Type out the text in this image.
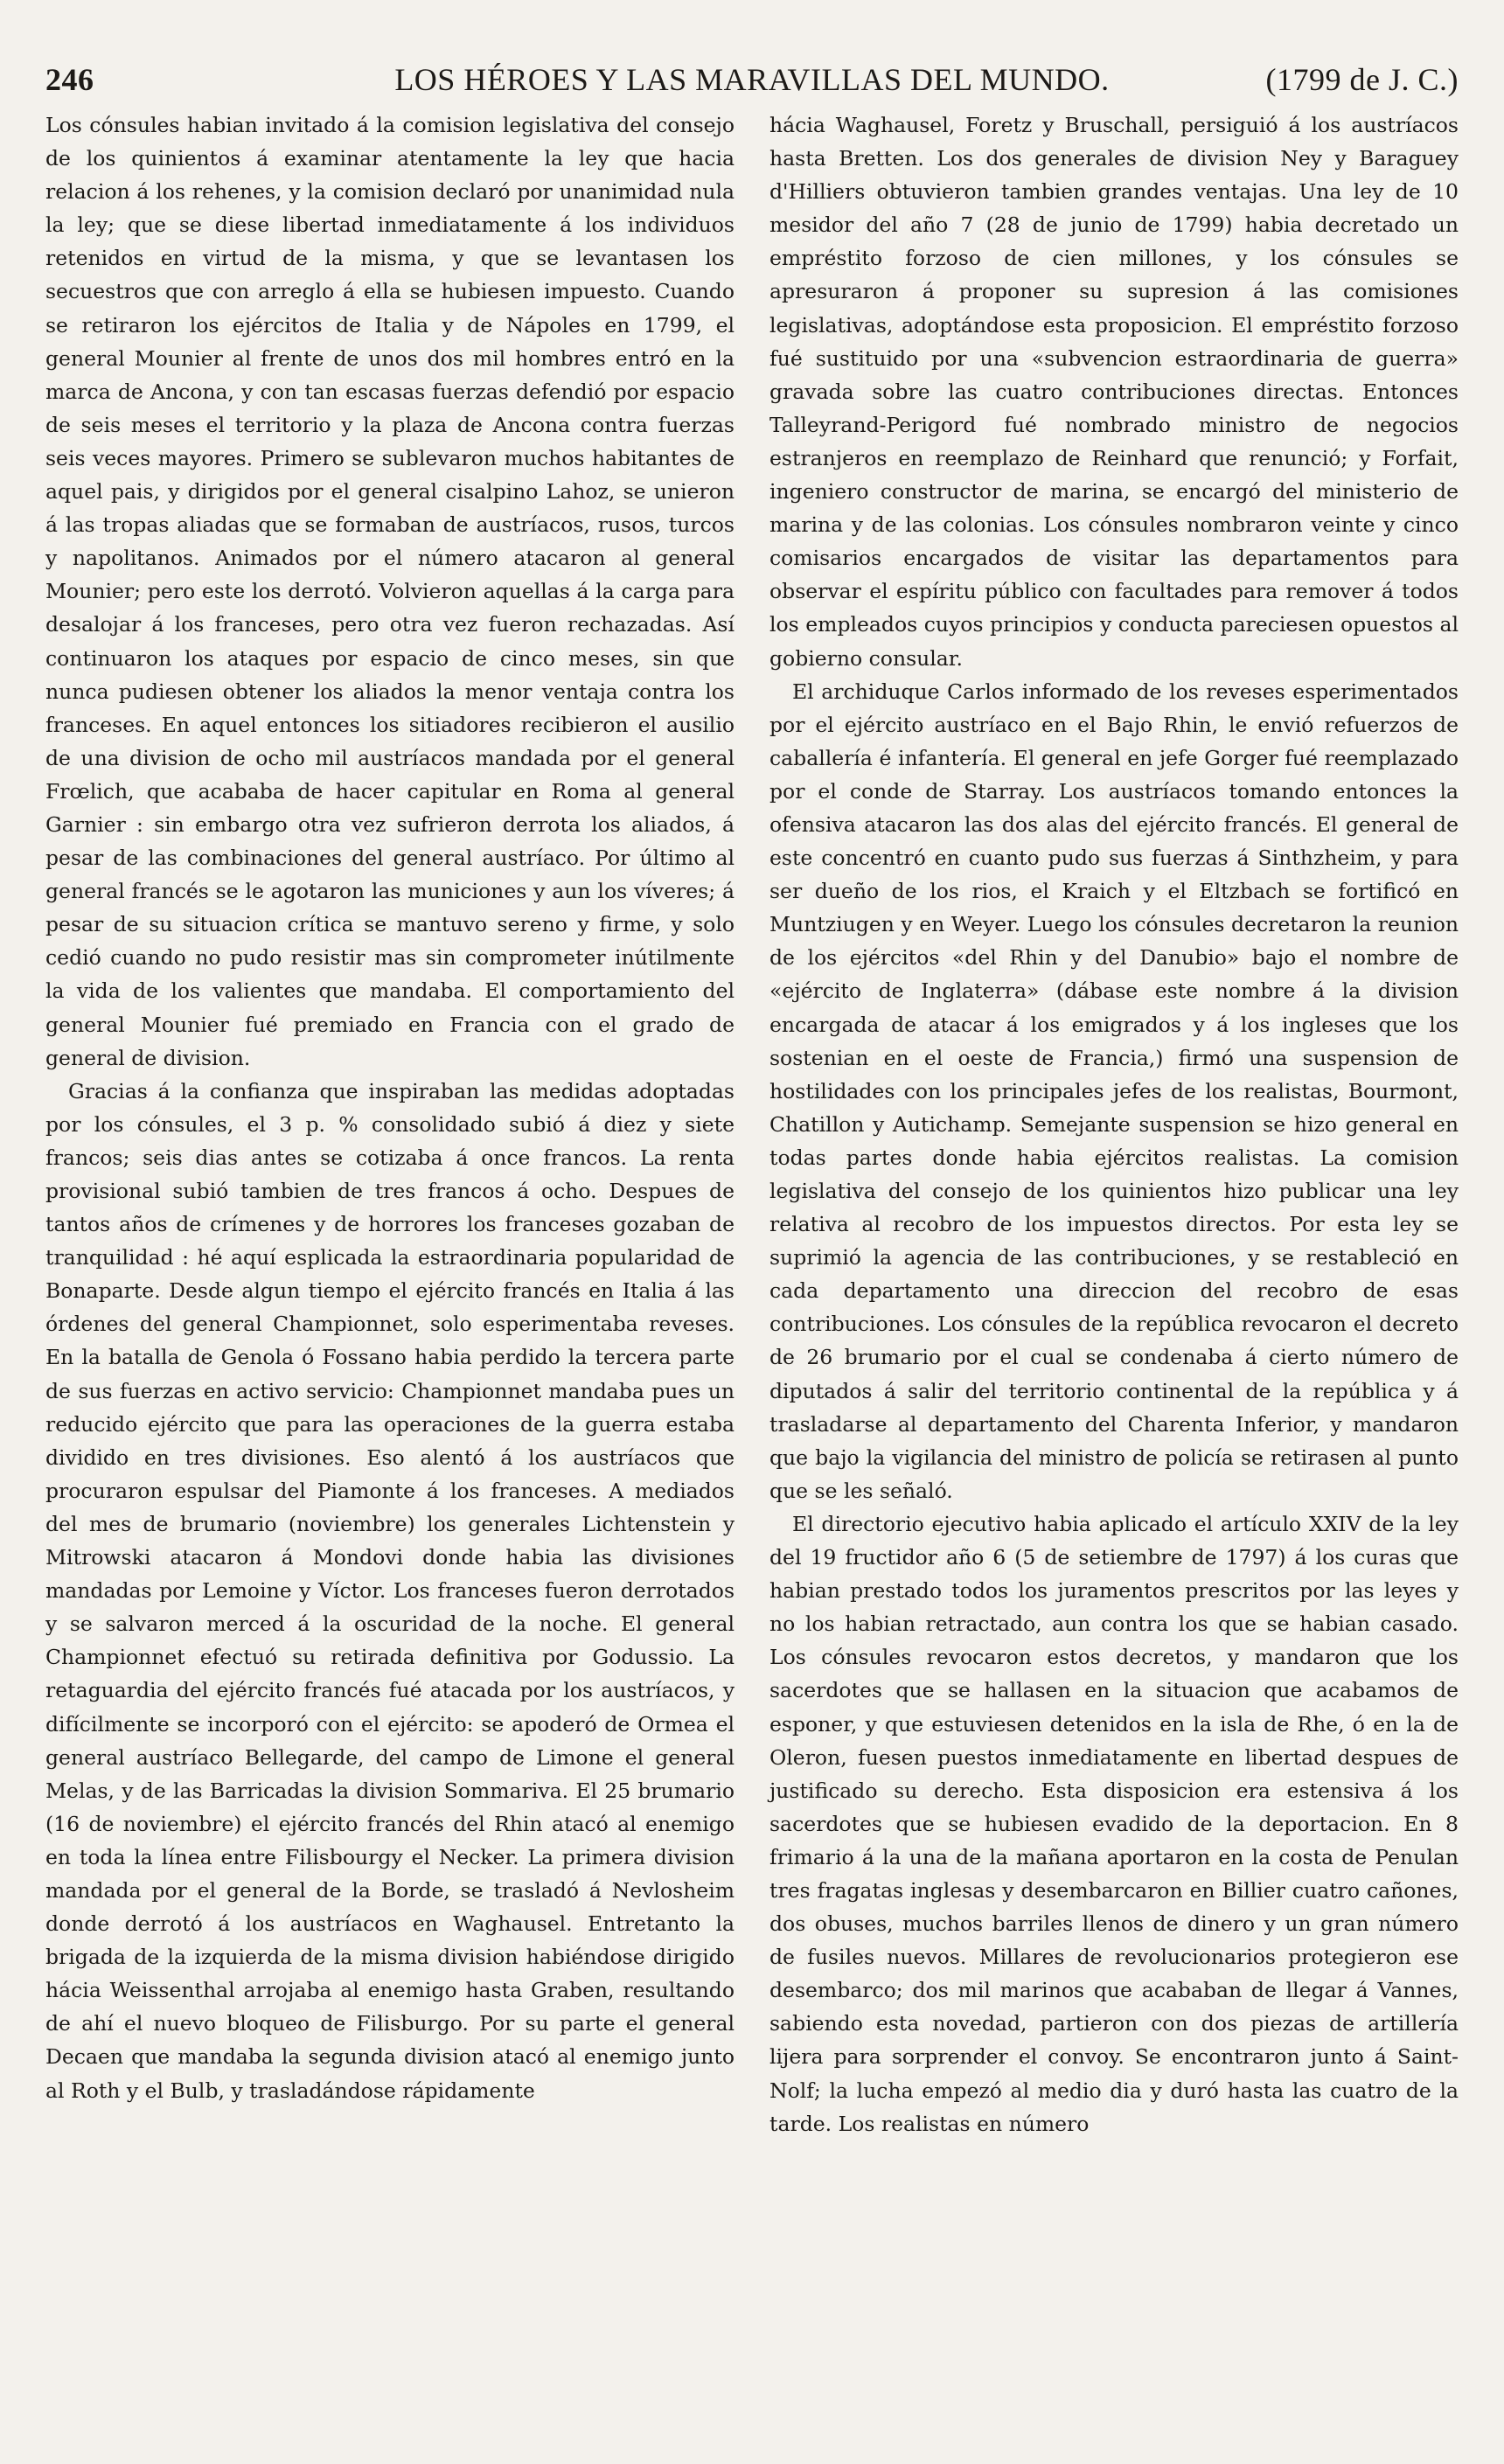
246	LOS HÉROES Y LAS MARAVILLAS DEL MUNDO.	(1799 de J. C.)

Los cónsules habian invitado á la comision legislativa del consejo de los quinientos á examinar atentamente la ley que hacia relacion á los rehenes, y la comision declaró por unanimidad nula la ley; que se diese libertad inmediatamente á los individuos retenidos en virtud de la misma, y que se levantasen los secuestros que con arreglo á ella se hubiesen impuesto. Cuando se retiraron los ejércitos de Italia y de Nápoles en 1799, el general Mounier al frente de unos dos mil hombres entró en la marca de Ancona, y con tan escasas fuerzas defendió por espacio de seis meses el territorio y la plaza de Ancona contra fuerzas seis veces mayores. Primero se sublevaron muchos habitantes de aquel pais, y dirigidos por el general cisalpino Lahoz, se unieron á las tropas aliadas que se formaban de austríacos, rusos, turcos y napolitanos. Animados por el número atacaron al general Mounier; pero este los derrotó. Volvieron aquellas á la carga para desalojar á los franceses, pero otra vez fueron rechazadas. Así continuaron los ataques por espacio de cinco meses, sin que nunca pudiesen obtener los aliados la menor ventaja contra los franceses. En aquel entonces los sitiadores recibieron el ausilio de una division de ocho mil austríacos mandada por el general Frœlich, que acababa de hacer capitular en Roma al general Garnier : sin embargo otra vez sufrieron derrota los aliados, á pesar de las combinaciones del general austríaco. Por último al general francés se le agotaron las municiones y aun los víveres; á pesar de su situacion crítica se mantuvo sereno y firme, y solo cedió cuando no pudo resistir mas sin comprometer inútilmente la vida de los valientes que mandaba. El comportamiento del general Mounier fué premiado en Francia con el grado de general de division.

Gracias á la confianza que inspiraban las medidas adoptadas por los cónsules, el 3 p. % consolidado subió á diez y siete francos; seis dias antes se cotizaba á once francos. La renta provisional subió tambien de tres francos á ocho. Despues de tantos años de crímenes y de horrores los franceses gozaban de tranquilidad : hé aquí esplicada la estraordinaria popularidad de Bonaparte. Desde algun tiempo el ejército francés en Italia á las órdenes del general Championnet, solo esperimentaba reveses. En la batalla de Genola ó Fossano habia perdido la tercera parte de sus fuerzas en activo servicio: Championnet mandaba pues un reducido ejército que para las operaciones de la guerra estaba dividido en tres divisiones. Eso alentó á los austríacos que procuraron espulsar del Piamonte á los franceses. A mediados del mes de brumario (noviembre) los generales Lichtenstein y Mitrowski atacaron á Mondovi donde habia las divisiones mandadas por Lemoine y Víctor. Los franceses fueron derrotados y se salvaron merced á la oscuridad de la noche. El general Championnet efectuó su retirada definitiva por Godussio. La retaguardia del ejército francés fué atacada por los austríacos, y difícilmente se incorporó con el ejército: se apoderó de Ormea el general austríaco Bellegarde, del campo de Limone el general Melas, y de las Barricadas la division Sommariva. El 25 brumario (16 de noviembre) el ejército francés del Rhin atacó al enemigo en toda la línea entre Filisbourgy el Necker. La primera division mandada por el general de la Borde, se trasladó á Nevlosheim donde derrotó á los austríacos en Waghausel. Entretanto la brigada de la izquierda de la misma division habiéndose dirigido hácia Weissenthal arrojaba al enemigo hasta Graben, resultando de ahí el nuevo bloqueo de Filisburgo. Por su parte el general Decaen que mandaba la segunda division atacó al enemigo junto al Roth y el Bulb, y trasladándose rápidamente

hácia Waghausel, Foretz y Bruschall, persiguió á los austríacos hasta Bretten. Los dos generales de division Ney y Baraguey d'Hilliers obtuvieron tambien grandes ventajas. Una ley de 10 mesidor del año 7 (28 de junio de 1799) habia decretado un empréstito forzoso de cien millones, y los cónsules se apresuraron á proponer su supresion á las comisiones legislativas, adoptándose esta proposicion. El empréstito forzoso fué sustituido por una «subvencion estraordinaria de guerra» gravada sobre las cuatro contribuciones directas. Entonces Talleyrand-Perigord fué nombrado ministro de negocios estranjeros en reemplazo de Reinhard que renunció; y Forfait, ingeniero constructor de marina, se encargó del ministerio de marina y de las colonias. Los cónsules nombraron veinte y cinco comisarios encargados de visitar las departamentos para observar el espíritu público con facultades para remover á todos los empleados cuyos principios y conducta pareciesen opuestos al gobierno consular.

El archiduque Carlos informado de los reveses esperimentados por el ejército austríaco en el Bajo Rhin, le envió refuerzos de caballería é infantería. El general en jefe Gorger fué reemplazado por el conde de Starray. Los austríacos tomando entonces la ofensiva atacaron las dos alas del ejército francés. El general de este concentró en cuanto pudo sus fuerzas á Sinthzheim, y para ser dueño de los rios, el Kraich y el Eltzbach se fortificó en Muntziugen y en Weyer. Luego los cónsules decretaron la reunion de los ejércitos «del Rhin y del Danubio» bajo el nombre de «ejército de Inglaterra» (dábase este nombre á la division encargada de atacar á los emigrados y á los ingleses que los sostenian en el oeste de Francia,) firmó una suspension de hostilidades con los principales jefes de los realistas, Bourmont, Chatillon y Autichamp. Semejante suspension se hizo general en todas partes donde habia ejércitos realistas. La comision legislativa del consejo de los quinientos hizo publicar una ley relativa al recobro de los impuestos directos. Por esta ley se suprimió la agencia de las contribuciones, y se restableció en cada departamento una direccion del recobro de esas contribuciones. Los cónsules de la república revocaron el decreto de 26 brumario por el cual se condenaba á cierto número de diputados á salir del territorio continental de la república y á trasladarse al departamento del Charenta Inferior, y mandaron que bajo la vigilancia del ministro de policía se retirasen al punto que se les señaló.

El directorio ejecutivo habia aplicado el artículo XXIV de la ley del 19 fructidor año 6 (5 de setiembre de 1797) á los curas que habian prestado todos los juramentos prescritos por las leyes y no los habian retractado, aun contra los que se habian casado. Los cónsules revocaron estos decretos, y mandaron que los sacerdotes que se hallasen en la situacion que acabamos de esponer, y que estuviesen detenidos en la isla de Rhe, ó en la de Oleron, fuesen puestos inmediatamente en libertad despues de justificado su derecho. Esta disposicion era estensiva á los sacerdotes que se hubiesen evadido de la deportacion. En 8 frimario á la una de la mañana aportaron en la costa de Penulan tres fragatas inglesas y desembarcaron en Billier cuatro cañones, dos obuses, muchos barriles llenos de dinero y un gran número de fusiles nuevos. Millares de revolucionarios protegieron ese desembarco; dos mil marinos que acababan de llegar á Vannes, sabiendo esta novedad, partieron con dos piezas de artillería lijera para sorprender el convoy. Se encontraron junto á Saint-Nolf; la lucha empezó al medio dia y duró hasta las cuatro de la tarde. Los realistas en número
